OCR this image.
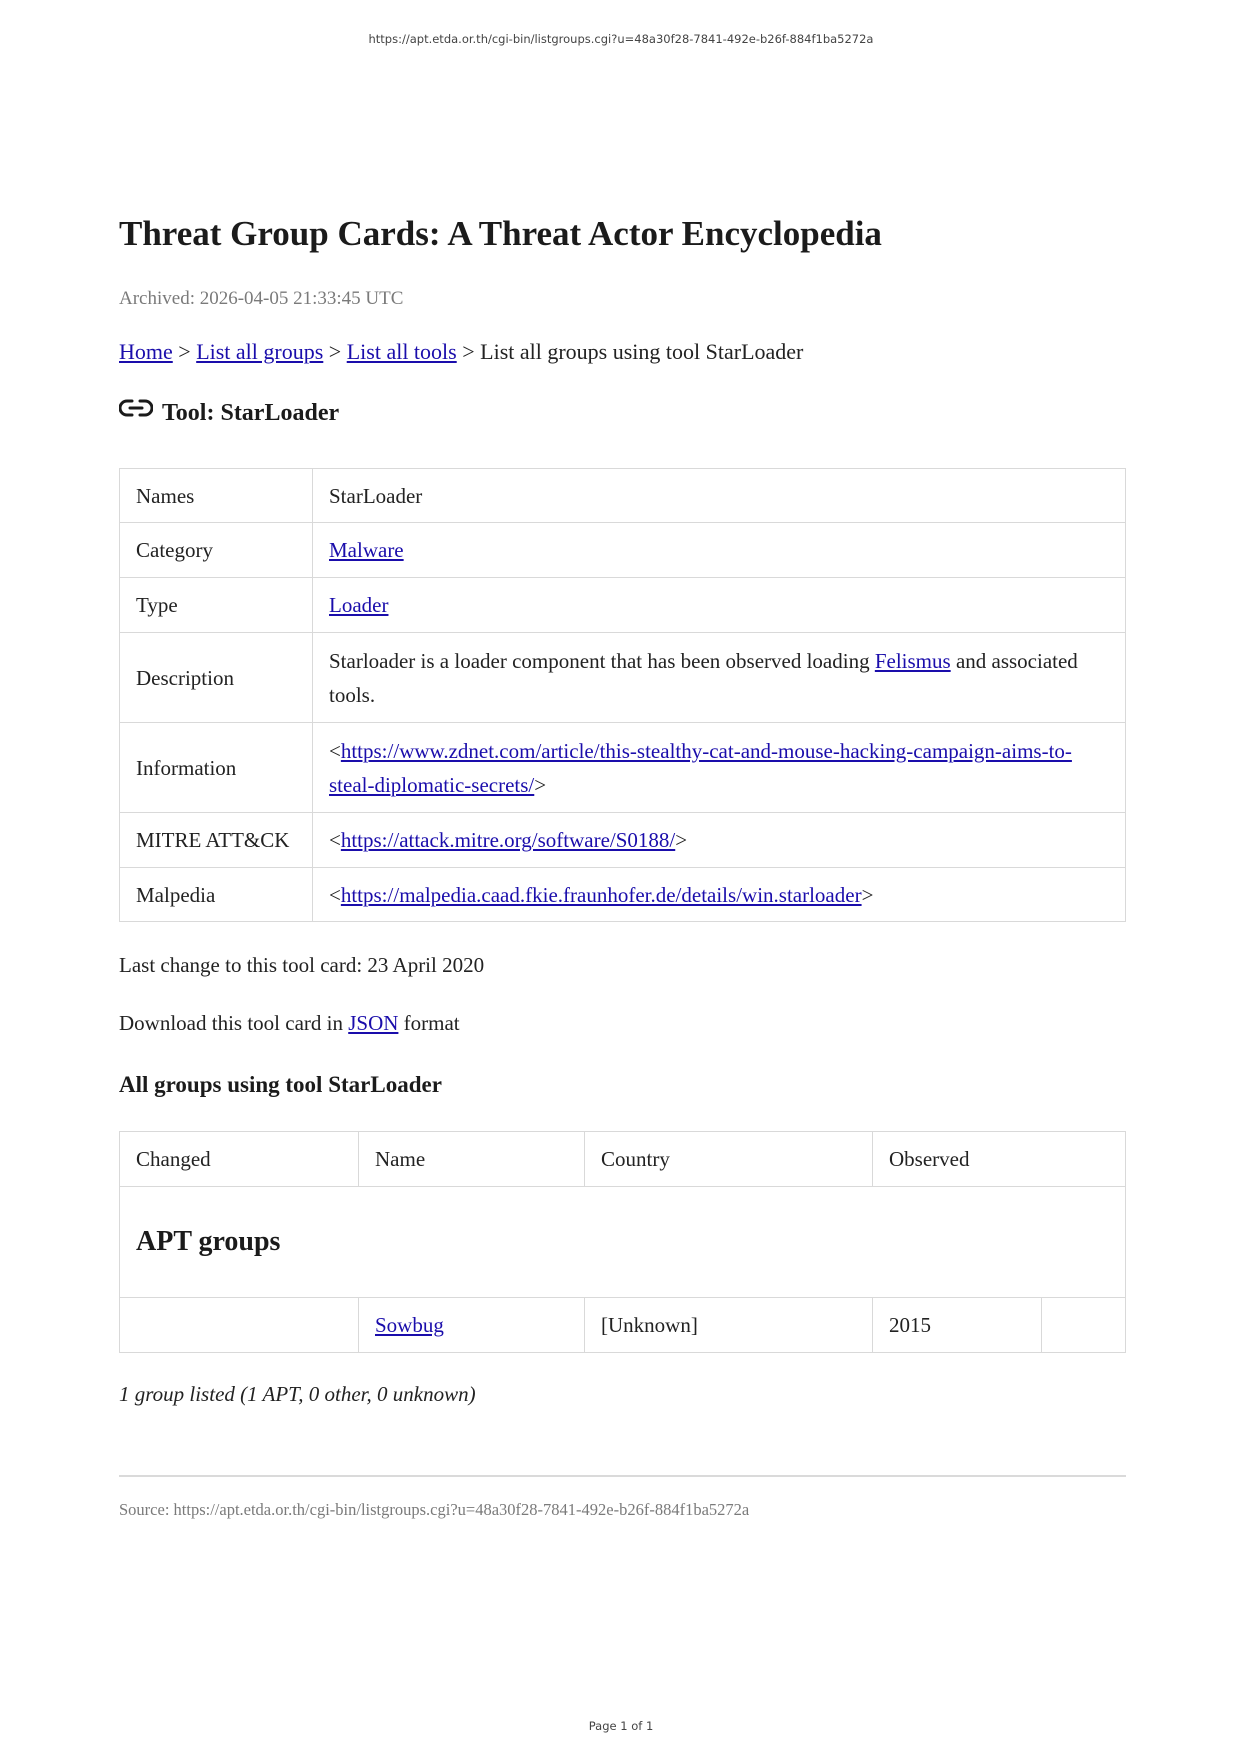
https://apt.etda.or.th/cgi-bin/listgroups.cgi?u=48a30f28-7841-492e-b26f-884f1ba5272a
Threat Group Cards: A Threat Actor Encyclopedia
Archived: 2026-04-05 21:33:45 UTC
Home > List all groups > List all tools > List all groups using tool StarLoader
Tool: StarLoader
Names	StarLoader
Category	Malware
Type	Loader
Description	Starloader is a loader component that has been observed loading Felismus and associated tools.
Information	<https://www.zdnet.com/article/this-stealthy-cat-and-mouse-hacking-campaign-aims-to-steal-diplomatic-secrets/>
MITRE ATT&CK	<https://attack.mitre.org/software/S0188/>
Malpedia	<https://malpedia.caad.fkie.fraunhofer.de/details/win.starloader>
Last change to this tool card: 23 April 2020
Download this tool card in JSON format
All groups using tool StarLoader
Changed	Name	Country	Observed	
APT groups				
	Sowbug	[Unknown]	2015	
1 group listed (1 APT, 0 other, 0 unknown)
Source: https://apt.etda.or.th/cgi-bin/listgroups.cgi?u=48a30f28-7841-492e-b26f-884f1ba5272a
Page 1 of 1
